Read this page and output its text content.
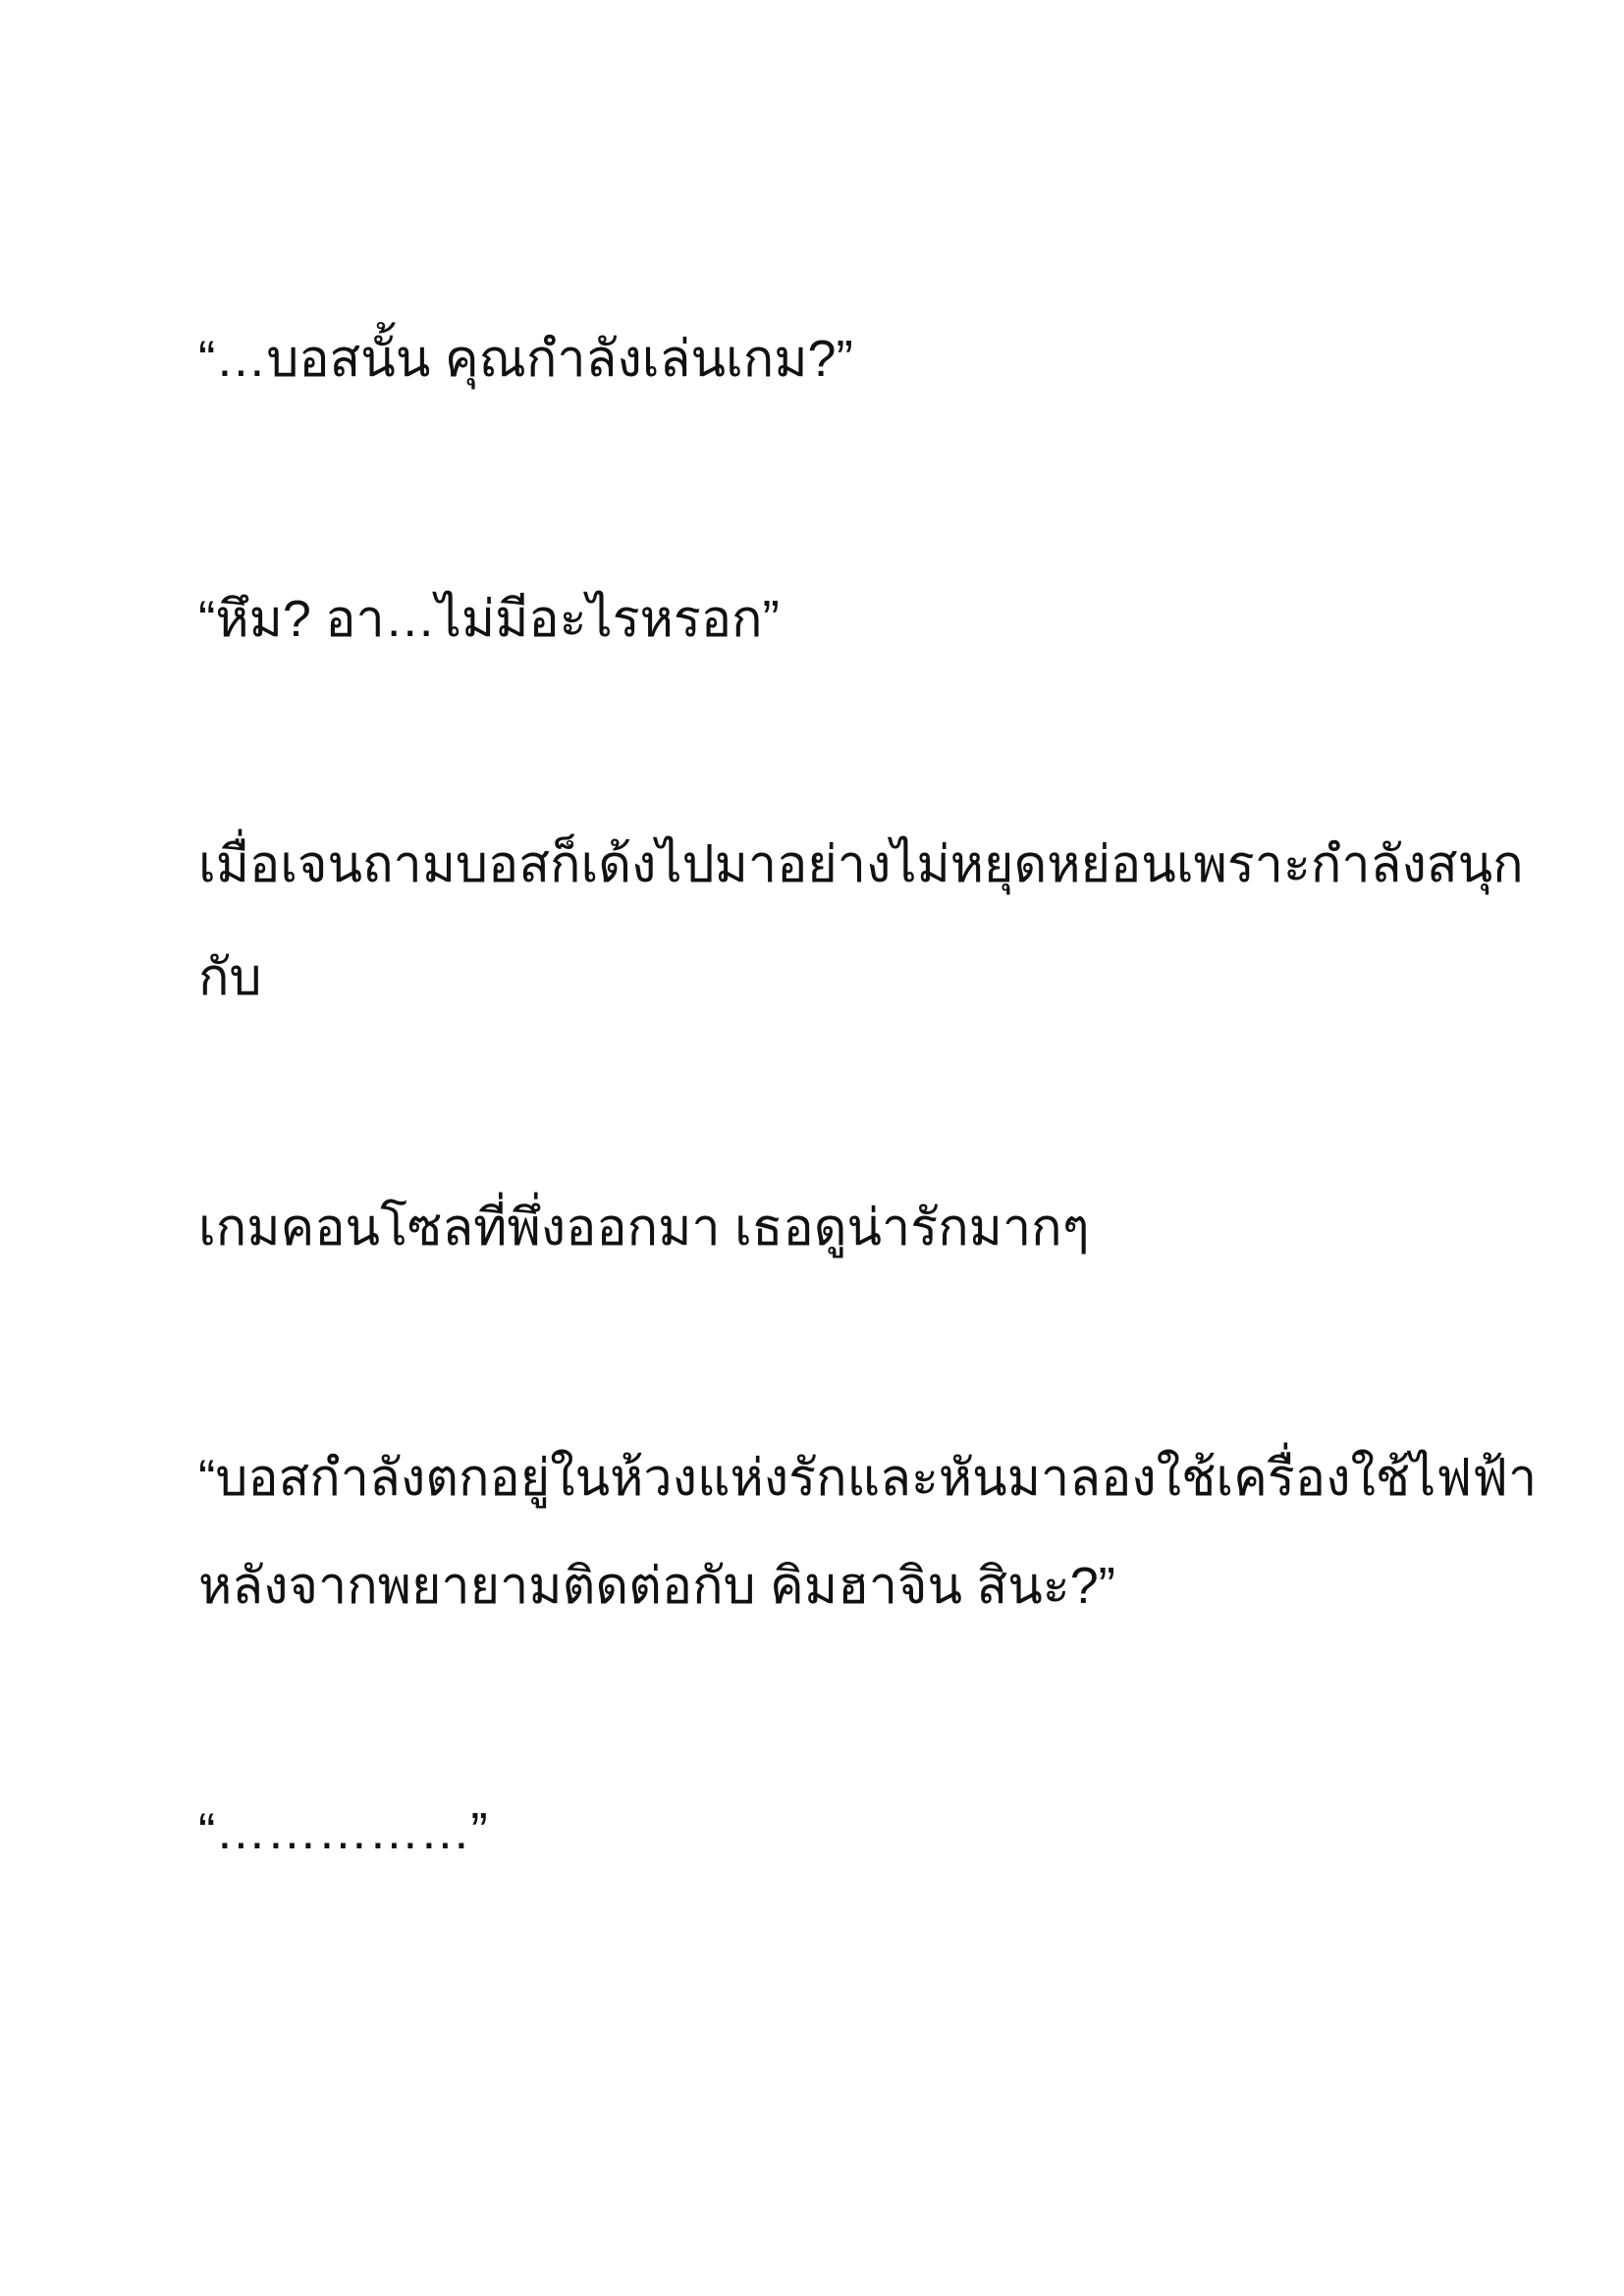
“…บอสนั้น คุณกำลังเล่นเกม?”
“หึม? อา…ไม่มีอะไรหรอก”
เมื่อเจนถามบอสก็เด้งไปมาอย่างไม่หยุดหย่อนเพราะกำลังสนุก
กับ
เกมคอนโซลที่พึ่งออกมา เธอดูน่ารักมากๆ
“บอสกำลังตกอยู่ในห้วงแห่งรักและหันมาลองใช้เครื่องใช้ไฟฟ้า
หลังจากพยายามติดต่อกับ คิมฮาจิน สินะ?”
“……………”
